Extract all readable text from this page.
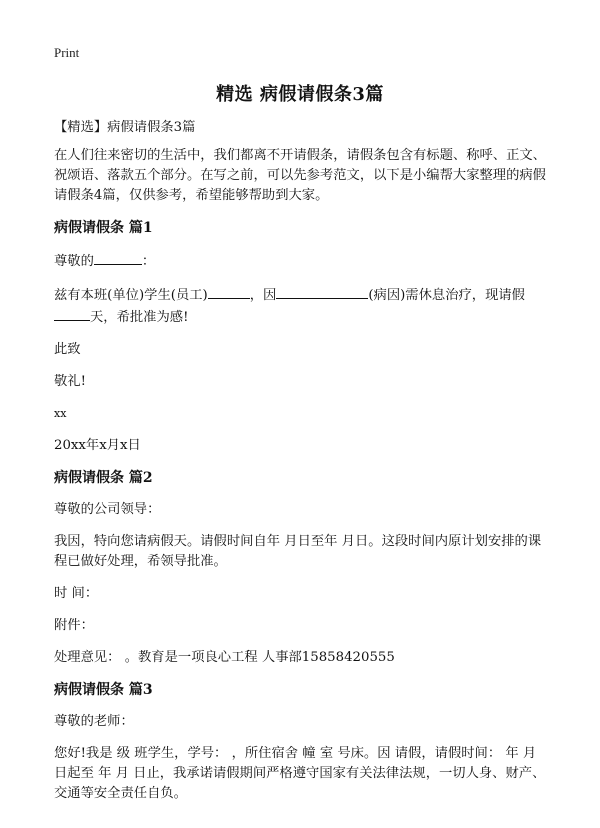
Print
精选 病假请假条3篇
【精选】病假请假条3篇
在人们往来密切的生活中，我们都离不开请假条，请假条包含有标题、称呼、正文、祝颂语、落款五个部分。在写之前，可以先参考范文，以下是小编帮大家整理的病假请假条4篇，仅供参考，希望能够帮助到大家。
病假请假条 篇1
尊敬的	：
兹有本班(单位)学生(员工)	，因	(病因)需休息治疗，现请假
天，希批准为感!
此致
敬礼!
xx
20xx年x月x日
病假请假条 篇2
尊敬的公司领导：
我因，特向您请病假天。请假时间自年 月日至年 月日。这段时间内原计划安排的课程已做好处理，希领导批准。
时 间：
附件：
处理意见： 。教育是一项良心工程 人事部15858420555
病假请假条 篇3
尊敬的老师：
您好!我是 级 班学生，学号： ，所住宿舍 幢 室 号床。因 请假，请假时间： 年 月日起至 年 月 日止，我承诺请假期间严格遵守国家有关法律法规，一切人身、财产、交通等安全责任自负。
